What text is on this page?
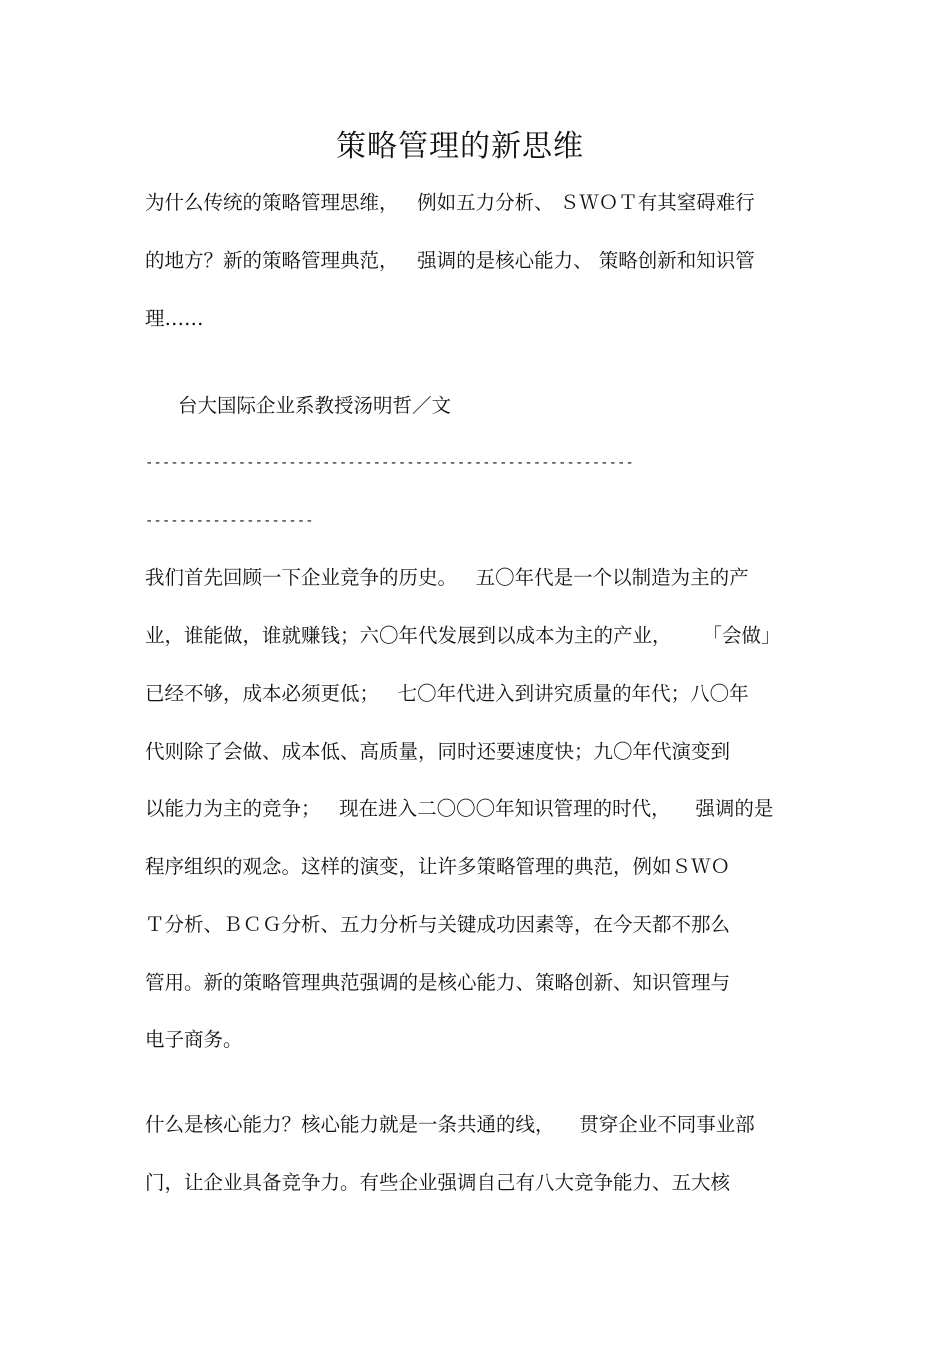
策略管理的新思维
为什么传统的策略管理思维，   例如五力分析、 ＳＷＯＴ有其窒碍难行
的地方？新的策略管理典范，   强调的是核心能力、 策略创新和知识管
理……
台大国际企业系教授汤明哲／文
----------------------------------------------------------
--------------------
我们首先回顾一下企业竞争的历史。   五〇年代是一个以制造为主的产
业，谁能做，谁就赚钱；六〇年代发展到以成本为主的产业，     「会做」
已经不够，成本必须更低；   七〇年代进入到讲究质量的年代；八〇年
代则除了会做、成本低、高质量，同时还要速度快；九〇年代演变到
以能力为主的竞争；   现在进入二〇〇〇年知识管理的时代，    强调的是
程序组织的观念。这样的演变，让许多策略管理的典范，例如ＳＷＯ
Ｔ分析、ＢＣＧ分析、五力分析与关键成功因素等，在今天都不那么
管用。新的策略管理典范强调的是核心能力、策略创新、知识管理与
电子商务。
什么是核心能力？核心能力就是一条共通的线，    贯穿企业不同事业部
门，让企业具备竞争力。有些企业强调自己有八大竞争能力、五大核
